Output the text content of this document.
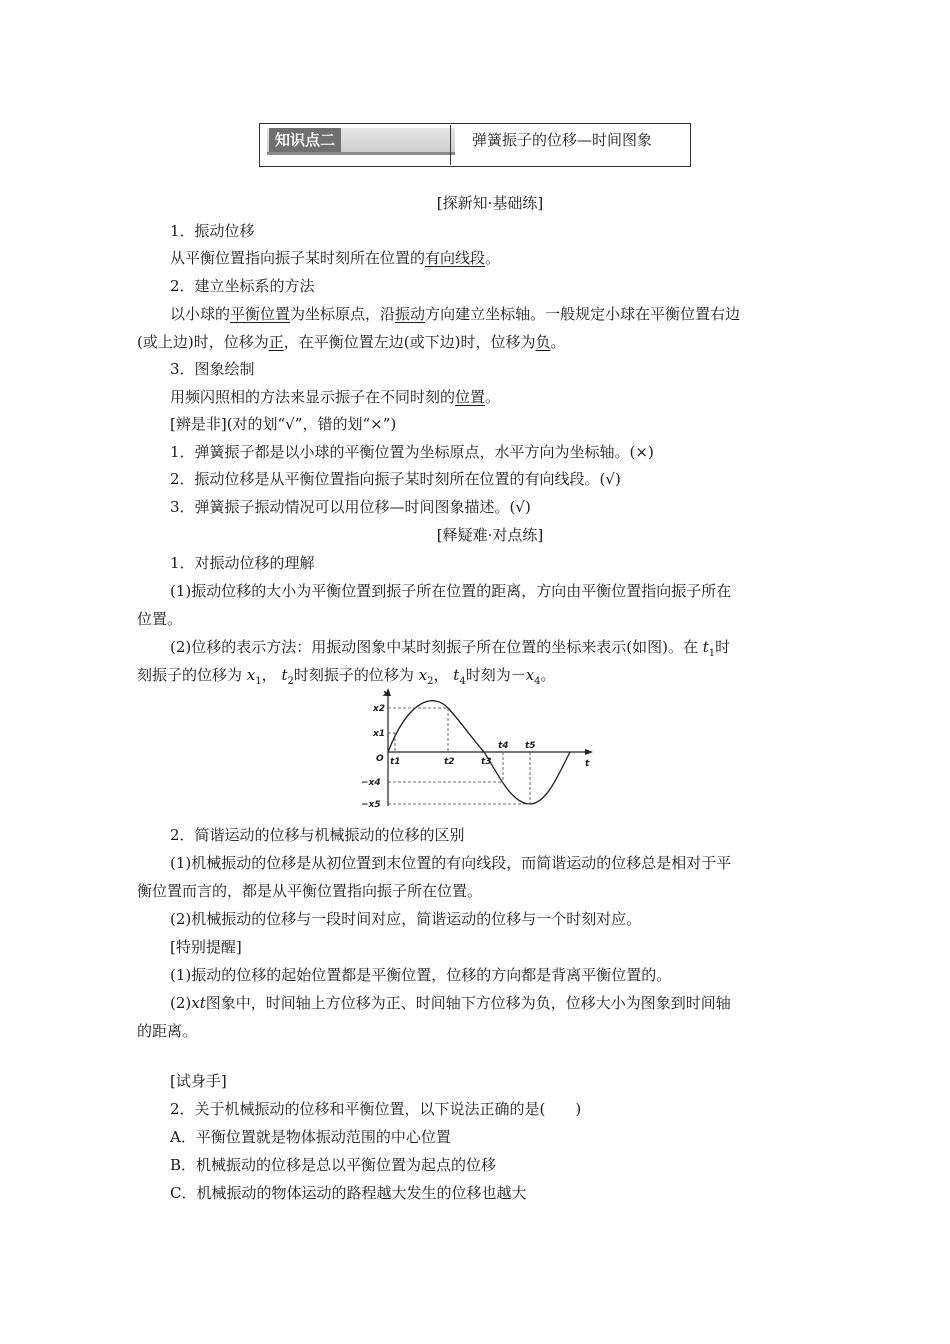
知识点二	弹簧振子的位移—时间图象
[探新知·基础练]
1．振动位移
从平衡位置指向振子某时刻所在位置的有向线段。
2．建立坐标系的方法
以小球的平衡位置为坐标原点，沿振动方向建立坐标轴。一般规定小球在平衡位置右边
(或上边)时，位移为正，在平衡位置左边(或下边)时，位移为负。
3．图象绘制
用频闪照相的方法来显示振子在不同时刻的位置。
[辨是非](对的划“√”，错的划“×”)
1．弹簧振子都是以小球的平衡位置为坐标原点，水平方向为坐标轴。(×)
2．振动位移是从平衡位置指向振子某时刻所在位置的有向线段。(√)
3．弹簧振子振动情况可以用位移—时间图象描述。(√)
[释疑难·对点练]
1．对振动位移的理解
(1)振动位移的大小为平衡位置到振子所在位置的距离，方向由平衡位置指向振子所在
位置。
(2)位移的表示方法：用振动图象中某时刻振子所在位置的坐标来表示(如图)。在 $t_1$时
刻振子的位移为 $x_1$， $t_2$时刻振子的位移为 $x_2$， $t_4$时刻为$-x_4$。
x
t
O
x2
x1
−x4
−x5
t1	t2	t3
t4 t5
2．简谐运动的位移与机械振动的位移的区别
(1)机械振动的位移是从初位置到末位置的有向线段，而简谐运动的位移总是相对于平
衡位置而言的，都是从平衡位置指向振子所在位置。
(2)机械振动的位移与一段时间对应，简谐运动的位移与一个时刻对应。
[特别提醒]
(1)振动的位移的起始位置都是平衡位置，位移的方向都是背离平衡位置的。
(2)xt图象中，时间轴上方位移为正、时间轴下方位移为负，位移大小为图象到时间轴
的距离。
[试身手]
2．关于机械振动的位移和平衡位置，以下说法正确的是(　　)
A．平衡位置就是物体振动范围的中心位置
B．机械振动的位移是总以平衡位置为起点的位移
C．机械振动的物体运动的路程越大发生的位移也越大
